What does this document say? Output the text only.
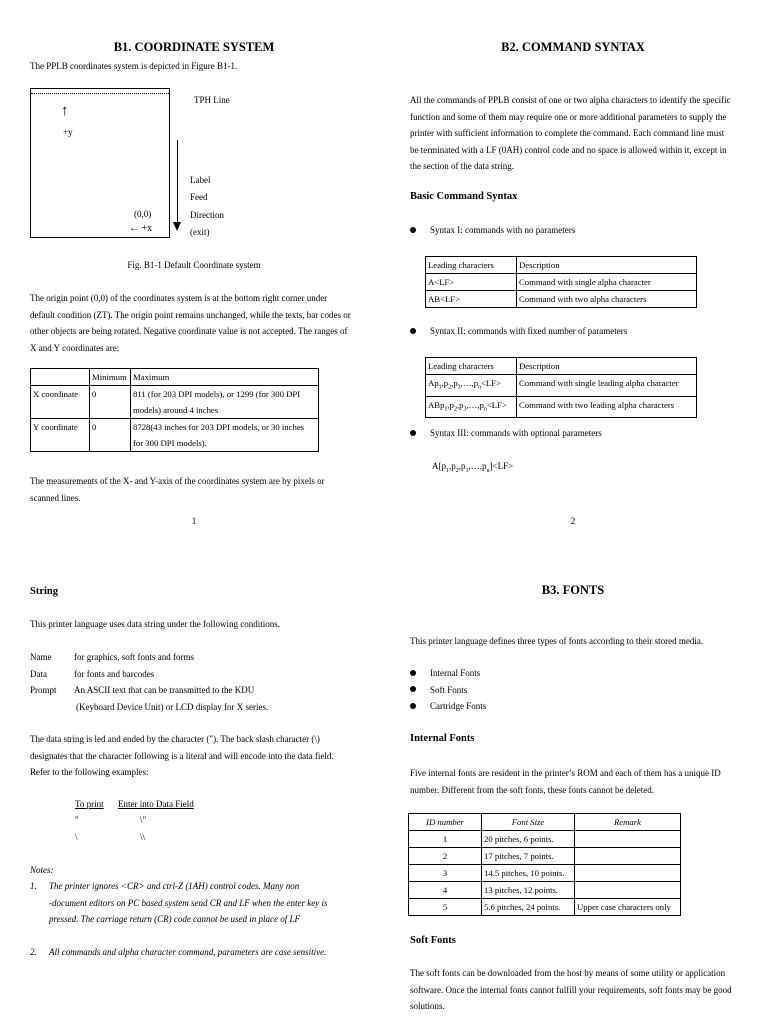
B1. COORDINATE SYSTEM
The PPLB coordinates system is depicted in Figure B1-1.
↑
+y
(0,0)
← +x
TPH Line
Label
Feed
Direction
(exit)
Fig. B1-1 Default Coordinate system
The origin point (0,0) of the coordinates system is at the bottom right corner under
default condition (ZT). The origin point remains unchanged, while the texts, bar codes or
other objects are being rotated. Negative coordinate value is not accepted. The ranges of
X and Y coordinates are:
	Minimum	Maximum
X coordinate	0	811 (for 203 DPI models), or 1299 (for 300 DPI
models) around 4 inches

Y coordinate	0	8728(43 inches for 203 DPI models, or 30 inches
for 300 DPI models).
The measurements of the X- and Y-axis of the coordinates system are by pixels or
scanned lines.
1
B2. COMMAND SYNTAX
All the commands of PPLB consist of one or two alpha characters to identify the specific
function and some of them may require one or more additional parameters to supply the
printer with sufficient information to complete the command. Each command line must
be terminated with a LF (0AH) control code and no space is allowed within it, except in
the section of the data string.
Basic Command Syntax
Syntax I: commands with no parameters
Leading characters	Description
A<LF>	Command with single alpha character
AB<LF>	Command with two alpha characters
Syntax II: commands with fixed number of parameters
Leading characters	Description
$Ap_1,p_2,p_3,\dots,p_n<LF>$	Command with single leading alpha character
$ABp_1,p_2,p_3,\dots,p_n<LF>$	Command with two leading alpha characters
Syntax III: commands with optional parameters
$A[p_1,p_2,p_3,\dots,p_n]<LF>$
2
String
This printer language uses data string under the following conditions.
Name	for graphics, soft fonts and forms
Data	for fonts and barcodes
Prompt An ASCII text that can be transmitted to the KDU
(Keyboard Device Unit) or LCD display for X series.
The data string is led and ended by the character ("). The back slash character (\)
designates that the character following is a literal and will encode into the data field.
Refer to the following examples:
To print Enter into Data Field
"	\"
\	\\
Notes:
1. The printer ignores <CR> and ctrl-Z (1AH) control codes. Many non
-document editors on PC based system send CR and LF when the enter key is
pressed. The carriage return (CR) code cannot be used in place of LF
2.	All commands and alpha character command, parameters are case sensitive.
B3. FONTS
This printer language defines three types of fonts according to their stored media.
Internal Fonts
Soft Fonts
Cartridge Fonts
Internal Fonts
Five internal fonts are resident in the printer’s ROM and each of them has a unique ID
number. Different from the soft fonts, these fonts cannot be deleted.
ID number	Font Size	Remark
1	20 pitches, 6 points.	
2	17 pitches, 7 points.	
3	14.5 pitches, 10 points.	
4	13 pitches, 12 points.	
5	5.6 pitches, 24 points.	Upper case characters only
Soft Fonts
The soft fonts can be downloaded from the host by means of some utility or application
software. Once the internal fonts cannot fulfill your requirements, soft fonts may be good
solutions.
